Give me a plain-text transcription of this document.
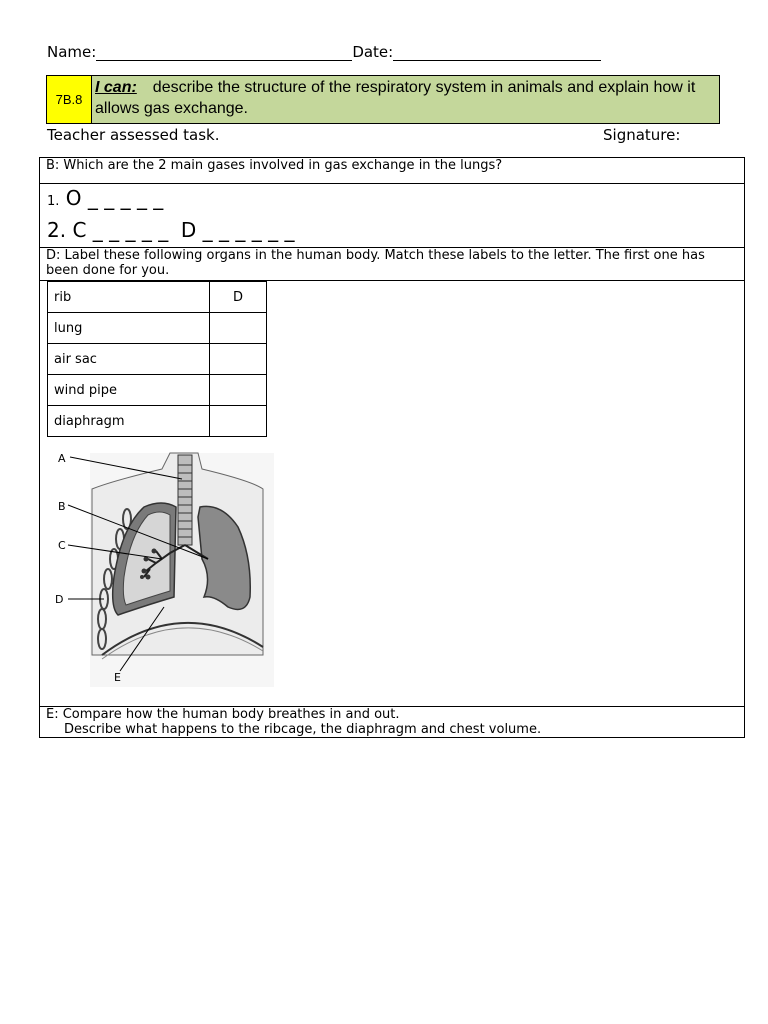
Name:	Date:
7B.8
I can: describe the structure of the respiratory system in animals and explain how it allows gas exchange.
Teacher assessed task.	Signature:
B: Which are the 2 main gases involved in gas exchange in the lungs?
1. O _ _ _ _ _
2. C _ _ _ _ _  D _ _ _ _ _ _
D: Label these following organs in the human body. Match these labels to the letter. The first one has been done for you.
rib	D
lung	
air sac	
wind pipe	
diaphragm	
A
B
C
D
E
E: Compare how the human body breathes in and out.
Describe what happens to the ribcage, the diaphragm and chest volume.
